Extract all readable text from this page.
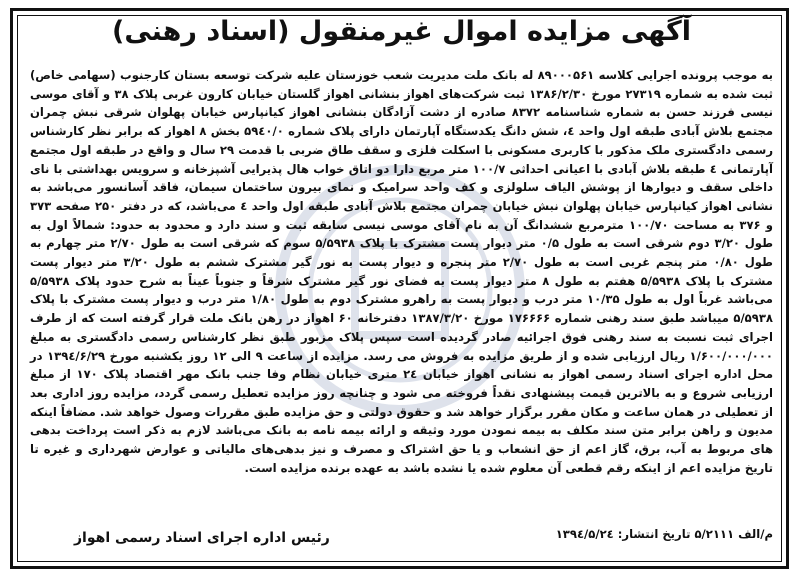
آگهی مزایده اموال غیرمنقول (اسناد رهنی)
به موجب پرونده اجرایی کلاسه ۸۹۰۰۰۵۶۱ له بانک ملت مدیریت شعب خوزستان علیه شرکت توسعه بستان کارجنوب (سهامی خاص) ثبت شده به شماره ۲۷۳۱۹ مورخ ۱۳۸۶/۲/۳۰ ثبت شرکت‌های اهواز بنشانی اهواز گلستان خیابان کارون غربی پلاک ۳۸ و آقای موسی نیسی فرزند حسن به شماره شناسنامه ۸۳۷۲ صادره از دشت آزادگان بنشانی اهواز کیانپارس خیابان پهلوان شرقی نبش چمران مجتمع بلاش آبادی طبقه اول واحد ٤، شش دانگ یکدستگاه آپارتمان دارای پلاک شماره ۵۹٤۰/۰ بخش ۸ اهواز که برابر نظر کارشناس رسمی دادگستری ملک مذکور با کاربری مسکونی با اسکلت فلزی و سقف طاق ضربی با قدمت ۲۹ سال و واقع در طبقه اول مجتمع آپارتمانی ٤ طبقه بلاش آبادی با اعیانی احداثی ۱۰۰/۷ متر مربع دارا دو اتاق خواب هال پذیرایی آشپزخانه و سرویس بهداشتی با نای داخلی سقف و دیوارها از پوشش الیاف سلولزی و کف واحد سرامیک و نمای بیرون ساختمان سیمان، فاقد آسانسور می‌باشد به نشانی اهواز کیانپارس خیابان پهلوان نبش خیابان چمران مجتمع بلاش آبادی طبقه اول واحد ٤ می‌باشد، که در دفتر ۲۵۰ صفحه ۳۷۳ و ۳۷۶ به مساحت ۱۰۰/۷۰ مترمربع ششدانگ آن به نام آقای موسی نیسی سابقه ثبت و سند دارد و محدود به حدود: شمالاً اول به طول ۳/۲۰ دوم شرقی است به طول ۰/۵ متر دیوار پست مشترک با پلاک ۵/۵۹۳۸ سوم که شرقی است به طول ۲/۷۰ متر چهارم به طول ۰/۸۰ متر پنجم غربی است به طول ۲/۷۰ متر پنجره و دیوار پست به نور گیر مشترک ششم به طول ۳/۲۰ متر دیوار پست مشترک با پلاک ۵/۵۹۳۸ هفتم به طول ۸ متر دیوار پست به فضای نور گیر مشترک شرقاً و جنوباً عیناً به شرح حدود پلاک ۵/۵۹۳۸ می‌باشد غرباً اول به طول ۱۰/۳۵ متر درب و دیوار پست به راهرو مشترک دوم به طول ۱/۸۰ متر درب و دیوار پست مشترک با پلاک ۵/۵۹۳۸ میباشد طبق سند رهنی شماره ۱۷۶۶۶۶ مورخ ۱۳۸۷/۳/۲۰ دفترخانه ۶۰ اهواز در رهن بانک ملت قرار گرفته است که از طرف اجرای ثبت نسبت به سند رهنی فوق اجرائیه صادر گردیده است سپس پلاک مزبور طبق نظر کارشناس رسمی دادگستری به مبلغ ۱/۶۰۰/۰۰۰/۰۰۰ ریال ارزیابی شده و از طریق مزایده به فروش می رسد. مزایده از ساعت ۹ الی ۱۲ روز یکشنبه مورخ ۱۳۹٤/۶/۲۹ در محل اداره اجرای اسناد رسمی اهواز به نشانی اهواز خیابان ۲٤ متری خیابان نظام وفا جنب بانک مهر اقتصاد پلاک ۱۷۰ از مبلغ ارزیابی شروع و به بالاترین قیمت پیشنهادی نقداً فروخته می شود و چنانچه روز مزایده تعطیل رسمی گردد، مزایده روز اداری بعد از تعطیلی در همان ساعت و مکان مقرر برگزار خواهد شد و حقوق دولتی و حق مزایده طبق مقررات وصول خواهد شد. مضافاً اینکه مدیون و راهن برابر متن سند مکلف به بیمه نمودن مورد وثیقه و ارائه بیمه نامه به بانک می‌باشد لازم به ذکر است پرداخت بدهی های مربوط به آب، برق، گاز اعم از حق انشعاب و یا حق اشتراک و مصرف و نیز بدهی‌های مالیاتی و عوارض شهرداری و غیره تا تاریخ مزایده اعم از اینکه رقم قطعی آن معلوم شده یا نشده باشد به عهده برنده مزایده است.
م/الف ۵/۲۱۱۱ تاریخ انتشار: ۱۳۹٤/۵/۲٤
رئیس اداره اجرای اسناد رسمی اهواز
